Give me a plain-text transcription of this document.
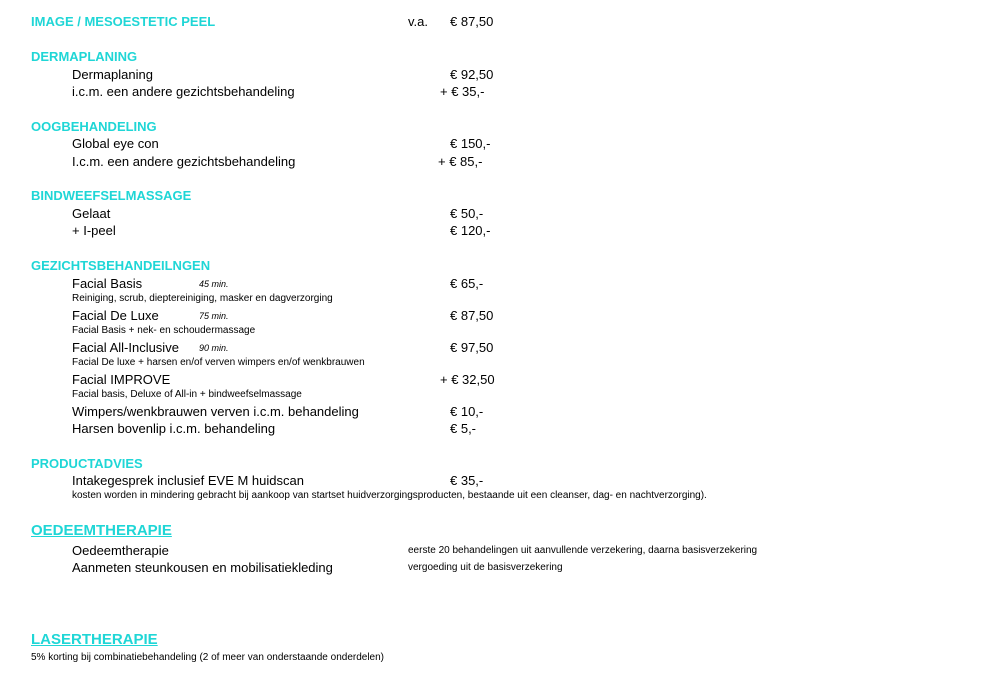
IMAGE / MESOESTETIC PEEL	v.a. € 87,50
DERMAPLANING
Dermaplaning	€ 92,50
i.c.m. een andere gezichtsbehandeling	+ € 35,-
OOGBEHANDELING
Global eye con	€ 150,-
I.c.m. een andere gezichtsbehandeling	+ € 85,-
BINDWEEFSELMASSAGE
Gelaat	€ 50,-
+ I-peel	€ 120,-
GEZICHTSBEHANDEILNGEN
Facial Basis	45 min.	€ 65,-
Reiniging, scrub, dieptereiniging, masker en dagverzorging
Facial De Luxe	75 min.	€ 87,50
Facial Basis + nek- en schoudermassage
Facial All-Inclusive 90 min.	€ 97,50
Facial De luxe + harsen en/of verven wimpers en/of wenkbrauwen
Facial IMPROVE	+ € 32,50
Facial basis, Deluxe of All-in + bindweefselmassage
Wimpers/wenkbrauwen verven i.c.m. behandeling	€ 10,-
Harsen bovenlip i.c.m. behandeling	€ 5,-
PRODUCTADVIES
Intakegesprek inclusief EVE M huidscan	€ 35,-
kosten worden in mindering gebracht bij aankoop van startset huidverzorgingsproducten, bestaande uit een cleanser, dag- en nachtverzorging).
OEDEEMTHERAPIE
Oedeemtherapie	eerste 20 behandelingen uit aanvullende verzekering, daarna basisverzekering
Aanmeten steunkousen en mobilisatiekleding	vergoeding uit de basisverzekering
LASERTHERAPIE
5% korting bij combinatiebehandeling (2 of meer van onderstaande onderdelen)
